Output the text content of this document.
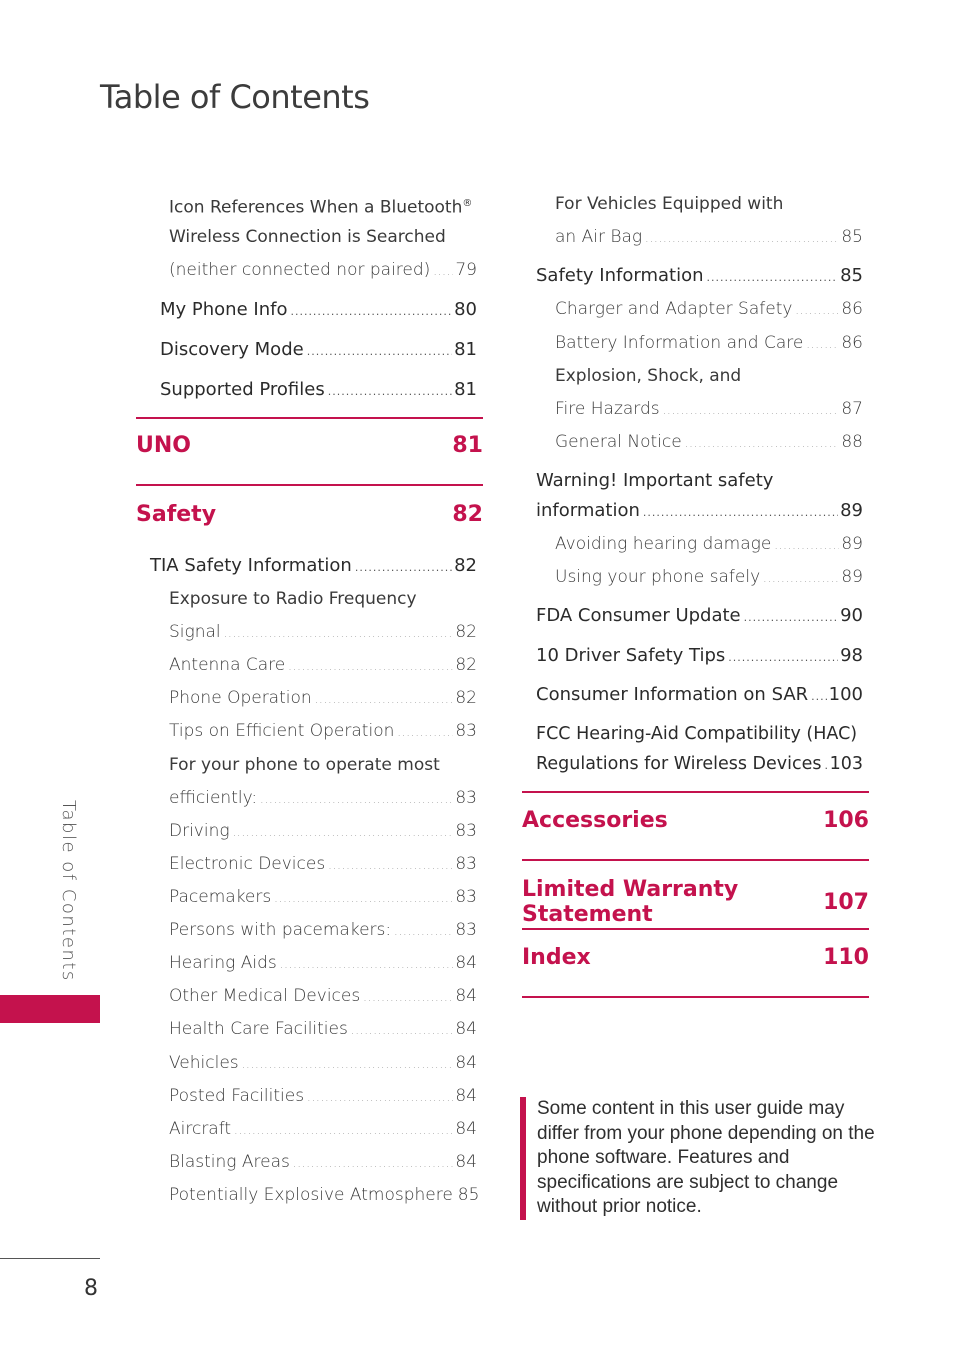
Table of Contents
Icon References When a Bluetooth®
Wireless Connection is Searched
(neither connected nor paired) ..... 79
My Phone Info .....	80
Discovery Mode .....	81
Supported Profiles .....	81
UNO	81
Safety	82
TIA Safety Information .....	82
Exposure to Radio Frequency
Signal .....	82
Antenna Care .....	82
Phone Operation .....	82
Tips on Efficient Operation .....	83
For your phone to operate most
efficiently: .....	83
Driving .....	83
Electronic Devices .....	83
Pacemakers .....	83
Persons with pacemakers: .....	83
Hearing Aids .....	84
Other Medical Devices .....	84
Health Care Facilities .....	84
Vehicles .....	84
Posted Facilities .....	84
Aircraft .....	84
Blasting Areas .....	84
Potentially Explosive Atmosphere 85
For Vehicles Equipped with
an Air Bag .....	85
Safety Information .....	85
Charger and Adapter Safety .....	86
Battery Information and Care ..... 86
Explosion, Shock, and
Fire Hazards .....	87
General Notice .....	88
Warning! Important safety
information .....	89
Avoiding hearing damage .....	89
Using your phone safely .....	89
FDA Consumer Update .....	90
10 Driver Safety Tips .....	98
Consumer Information on SAR ..... 100
FCC Hearing-Aid Compatibility (HAC)
Regulations for Wireless Devices ..... 103
Accessories	106
Limited Warranty Statement	107
Index	110
Some content in this user guide may differ from your phone depending on the phone software. Features and specifications are subject to change without prior notice.
Table of Contents
8
